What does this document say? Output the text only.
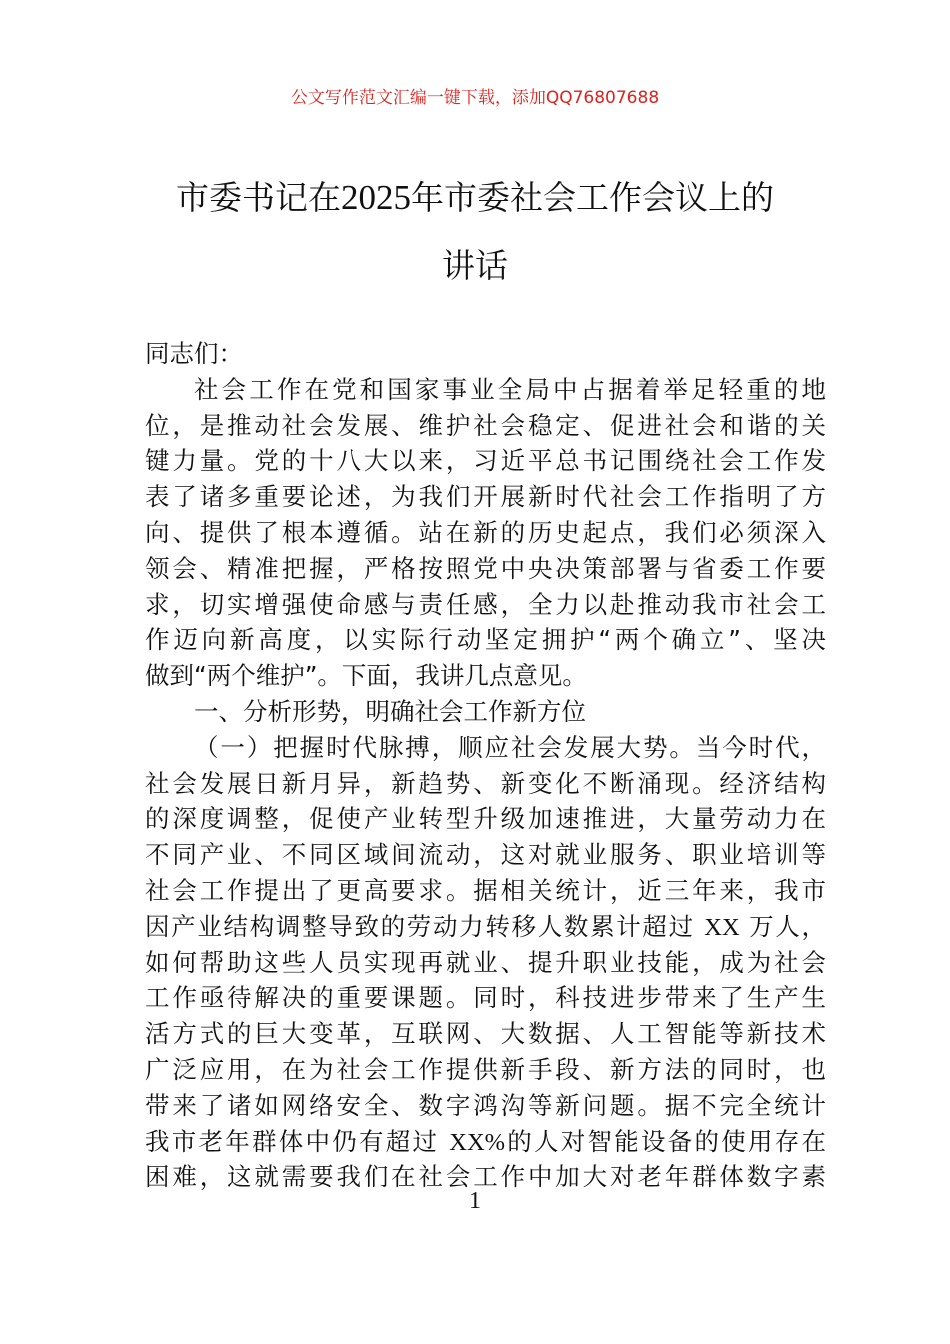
公文写作范文汇编一键下载，添加QQ76807688
市委书记在2025年市委社会工作会议上的
讲话
同志们：
社会工作在党和国家事业全局中占据着举足轻重的地
位，是推动社会发展、维护社会稳定、促进社会和谐的关
键力量。党的十八大以来，习近平总书记围绕社会工作发
表了诸多重要论述，为我们开展新时代社会工作指明了方
向、提供了根本遵循。站在新的历史起点，我们必须深入
领会、精准把握，严格按照党中央决策部署与省委工作要
求，切实增强使命感与责任感，全力以赴推动我市社会工
作迈向新高度，以实际行动坚定拥护“两个确立”、坚决
做到“两个维护”。下面，我讲几点意见。
一、分析形势，明确社会工作新方位
（一）把握时代脉搏，顺应社会发展大势。当今时代，
社会发展日新月异，新趋势、新变化不断涌现。经济结构
的深度调整，促使产业转型升级加速推进，大量劳动力在
不同产业、不同区域间流动，这对就业服务、职业培训等
社会工作提出了更高要求。据相关统计，近三年来，我市
因产业结构调整导致的劳动力转移人数累计超过 XX 万人，
如何帮助这些人员实现再就业、提升职业技能，成为社会
工作亟待解决的重要课题。同时，科技进步带来了生产生
活方式的巨大变革，互联网、大数据、人工智能等新技术
广泛应用，在为社会工作提供新手段、新方法的同时，也
带来了诸如网络安全、数字鸿沟等新问题。据不完全统计
我市老年群体中仍有超过 XX%的人对智能设备的使用存在
困难，这就需要我们在社会工作中加大对老年群体数字素
1
